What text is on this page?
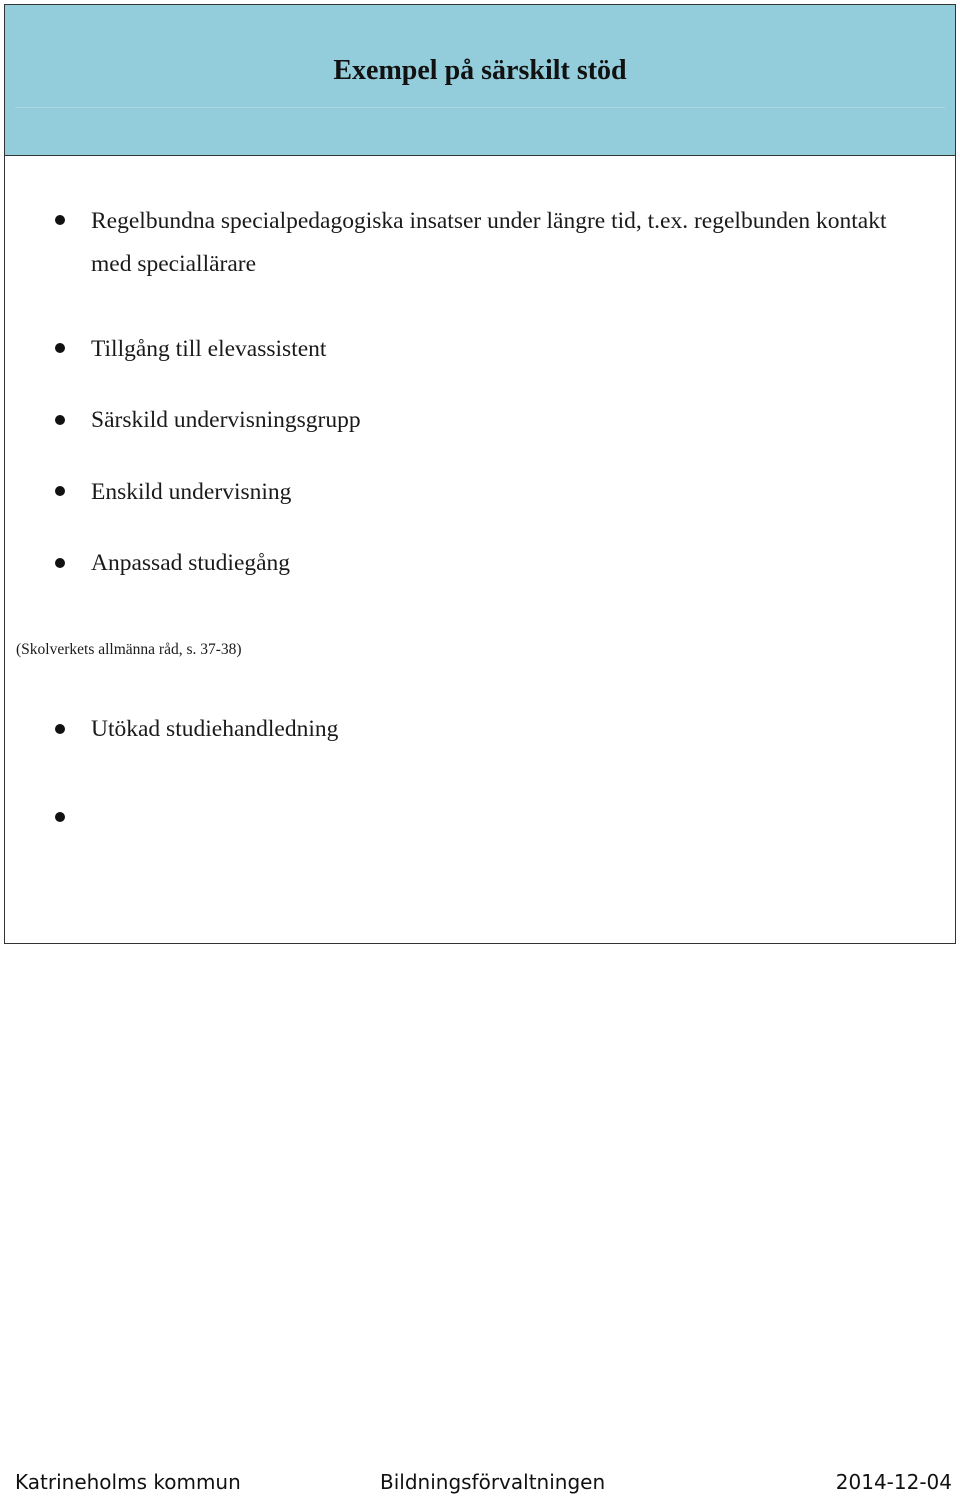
Exempel på särskilt stöd
Regelbundna specialpedagogiska insatser under längre tid, t.ex. regelbunden kontakt med speciallärare
Tillgång till elevassistent
Särskild undervisningsgrupp
Enskild undervisning
Anpassad studiegång
(Skolverkets allmänna råd, s. 37-38)
Utökad studiehandledning
Katrineholms kommun	Bildningsförvaltningen	2014-12-04
